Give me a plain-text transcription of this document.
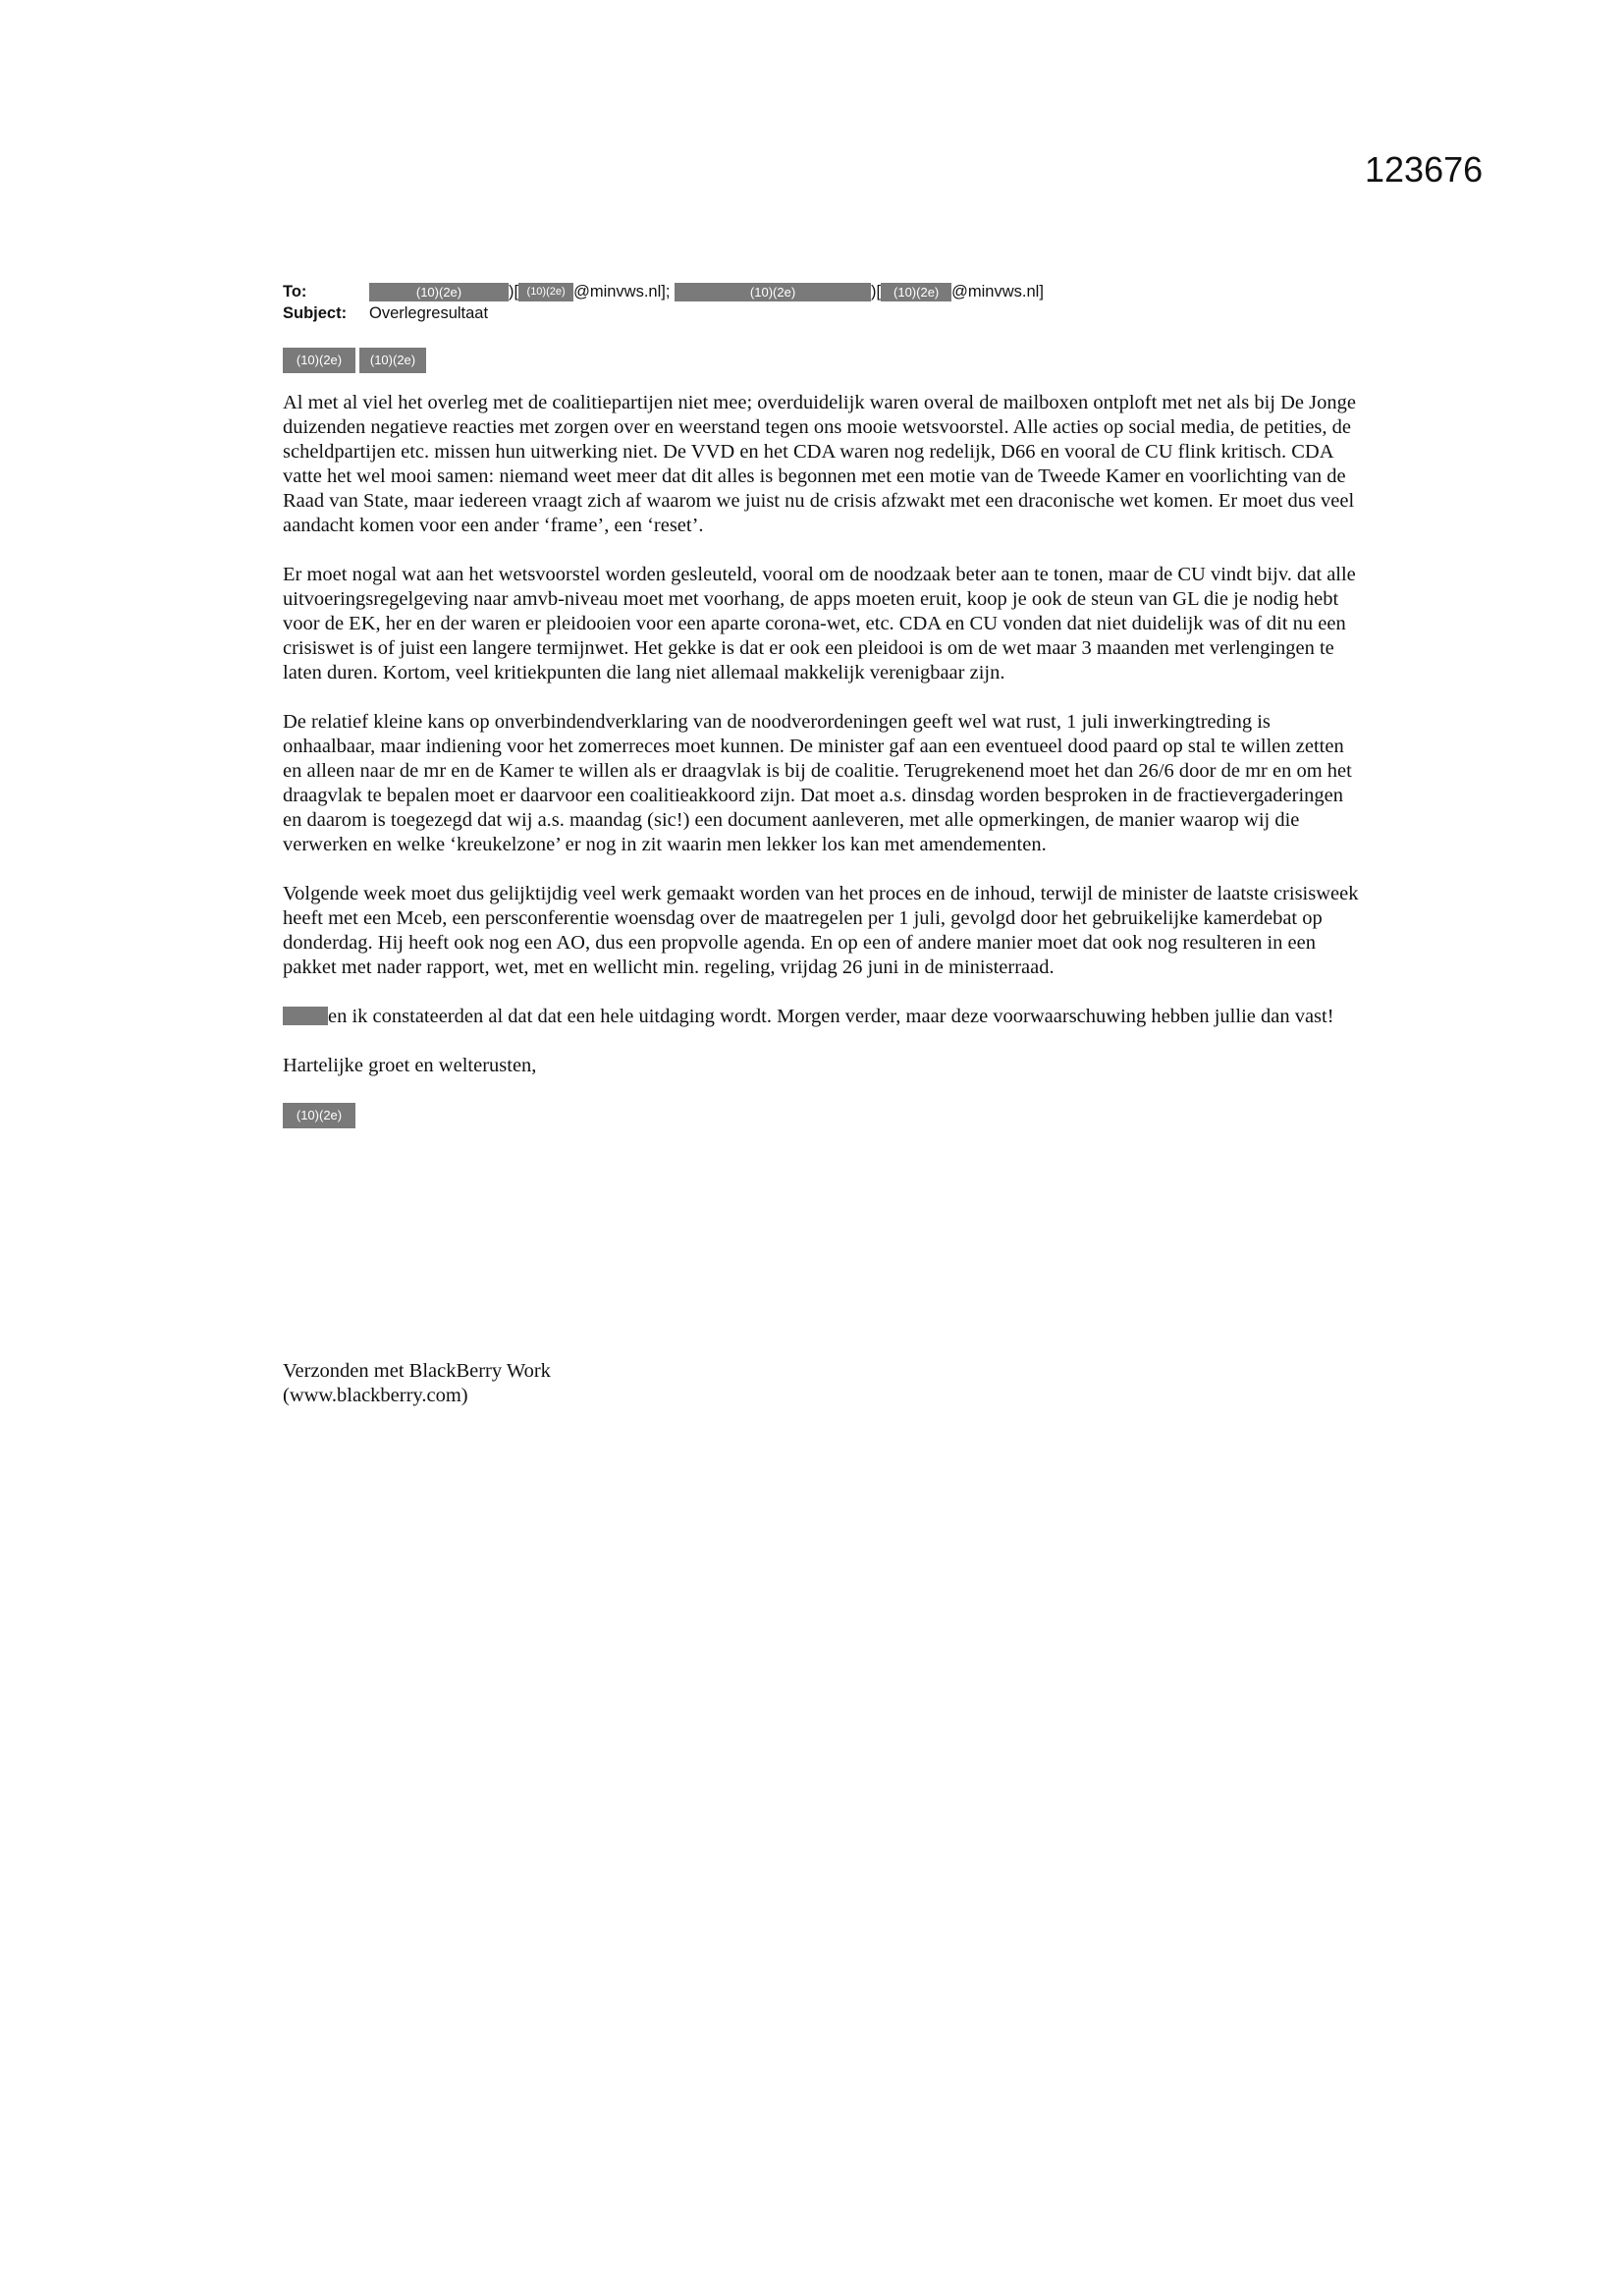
123676
To:	(10)(2e)	)[ (10)(2e) @minvws.nl];
	(10)(2e)	)[ (10)(2e) @minvws.nl]
Subject:	Overlegresultaat
(10)(2e)	(10)(2e)

Al met al viel het overleg met de coalitiepartijen niet mee; overduidelijk waren overal de mailboxen ontploft met net als bij De Jonge duizenden negatieve reacties met zorgen over en weerstand tegen ons mooie wetsvoorstel. Alle acties op social media, de petities, de scheldpartijen etc. missen hun uitwerking niet. De VVD en het CDA waren nog redelijk, D66 en vooral de CU flink kritisch. CDA vatte het wel mooi samen: niemand weet meer dat dit alles is begonnen met een motie van de Tweede Kamer en voorlichting van de Raad van State, maar iedereen vraagt zich af waarom we juist nu de crisis afzwakt met een draconische wet komen. Er moet dus veel aandacht komen voor een ander ‘frame’, een ‘reset’.

Er moet nogal wat aan het wetsvoorstel worden gesleuteld, vooral om de noodzaak beter aan te tonen, maar de CU vindt bijv. dat alle uitvoeringsregelgeving naar amvb-niveau moet met voorhang, de apps moeten eruit, koop je ook de steun van GL die je nodig hebt voor de EK, her en der waren er pleidooien voor een aparte corona-wet, etc. CDA en CU vonden dat niet duidelijk was of dit nu een crisiswet is of juist een langere termijnwet. Het gekke is dat er ook een pleidooi is om de wet maar 3 maanden met verlengingen te laten duren. Kortom, veel kritiekpunten die lang niet allemaal makkelijk verenigbaar zijn.

De relatief kleine kans op onverbindendverklaring van de noodverordeningen geeft wel wat rust, 1 juli inwerkingtreding is onhaalbaar, maar indiening voor het zomerreces moet kunnen. De minister gaf aan een eventueel dood paard op stal te willen zetten en alleen naar de mr en de Kamer te willen als er draagvlak is bij de coalitie. Terugrekenend moet het dan 26/6 door de mr en om het draagvlak te bepalen moet er daarvoor een coalitieakkoord zijn. Dat moet a.s. dinsdag worden besproken in de fractievergaderingen en daarom is toegezegd dat wij a.s. maandag (sic!) een document aanleveren, met alle opmerkingen, de manier waarop wij die verwerken en welke ‘kreukelzone’ er nog in zit waarin men lekker los kan met amendementen.

Volgende week moet dus gelijktijdig veel werk gemaakt worden van het proces en de inhoud, terwijl de minister de laatste crisisweek heeft met een Mceb, een persconferentie woensdag over de maatregelen per 1 juli, gevolgd door het gebruikelijke kamerdebat op donderdag. Hij heeft ook nog een AO, dus een propvolle agenda. En op een of andere manier moet dat ook nog resulteren in een pakket met nader rapport, wet, met en wellicht min. regeling, vrijdag 26 juni in de ministerraad.

en ik constateerden al dat dat een hele uitdaging wordt. Morgen verder, maar deze voorwaarschuwing hebben jullie dan vast!

Hartelijke groet en welterusten,

(10)(2e)
Verzonden met BlackBerry Work
(www.blackberry.com)
